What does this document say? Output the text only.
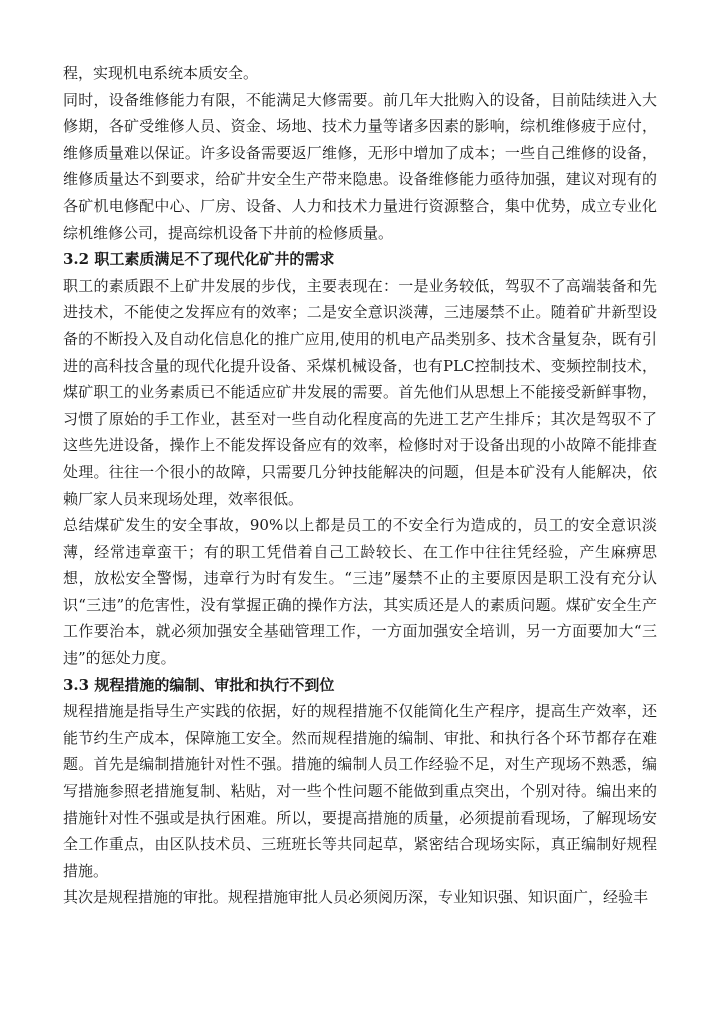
程，实现机电系统本质安全。

同时，设备维修能力有限，不能满足大修需要。前几年大批购入的设备，目前陆续进入大修期，各矿受维修人员、资金、场地、技术力量等诸多因素的影响，综机维修疲于应付，维修质量难以保证。许多设备需要返厂维修，无形中增加了成本；一些自己维修的设备，维修质量达不到要求，给矿井安全生产带来隐患。设备维修能力亟待加强，建议对现有的各矿机电修配中心、厂房、设备、人力和技术力量进行资源整合，集中优势，成立专业化综机维修公司，提高综机设备下井前的检修质量。

3.2 职工素质满足不了现代化矿井的需求

职工的素质跟不上矿井发展的步伐，主要表现在：一是业务较低，驾驭不了高端装备和先进技术，不能使之发挥应有的效率；二是安全意识淡薄，三违屡禁不止。随着矿井新型设备的不断投入及自动化信息化的推广应用,使用的机电产品类别多、技术含量复杂，既有引进的高科技含量的现代化提升设备、采煤机械设备，也有PLC控制技术、变频控制技术，煤矿职工的业务素质已不能适应矿井发展的需要。首先他们从思想上不能接受新鲜事物，习惯了原始的手工作业，甚至对一些自动化程度高的先进工艺产生排斥；其次是驾驭不了这些先进设备，操作上不能发挥设备应有的效率，检修时对于设备出现的小故障不能排查处理。往往一个很小的故障，只需要几分钟技能解决的问题，但是本矿没有人能解决，依赖厂家人员来现场处理，效率很低。

总结煤矿发生的安全事故，90%以上都是员工的不安全行为造成的，员工的安全意识淡薄，经常违章蛮干；有的职工凭借着自己工龄较长、在工作中往往凭经验，产生麻痹思想，放松安全警惕，违章行为时有发生。“三违”屡禁不止的主要原因是职工没有充分认识“三违”的危害性，没有掌握正确的操作方法，其实质还是人的素质问题。煤矿安全生产工作要治本，就必须加强安全基础管理工作，一方面加强安全培训，另一方面要加大“三违”的惩处力度。

3.3 规程措施的编制、审批和执行不到位

规程措施是指导生产实践的依据，好的规程措施不仅能简化生产程序，提高生产效率，还能节约生产成本，保障施工安全。然而规程措施的编制、审批、和执行各个环节都存在难题。首先是编制措施针对性不强。措施的编制人员工作经验不足，对生产现场不熟悉，编写措施参照老措施复制、粘贴，对一些个性问题不能做到重点突出，个别对待。编出来的措施针对性不强或是执行困难。所以，要提高措施的质量，必须提前看现场，了解现场安全工作重点，由区队技术员、三班班长等共同起草，紧密结合现场实际，真正编制好规程措施。

其次是规程措施的审批。规程措施审批人员必须阅历深，专业知识强、知识面广，经验丰
